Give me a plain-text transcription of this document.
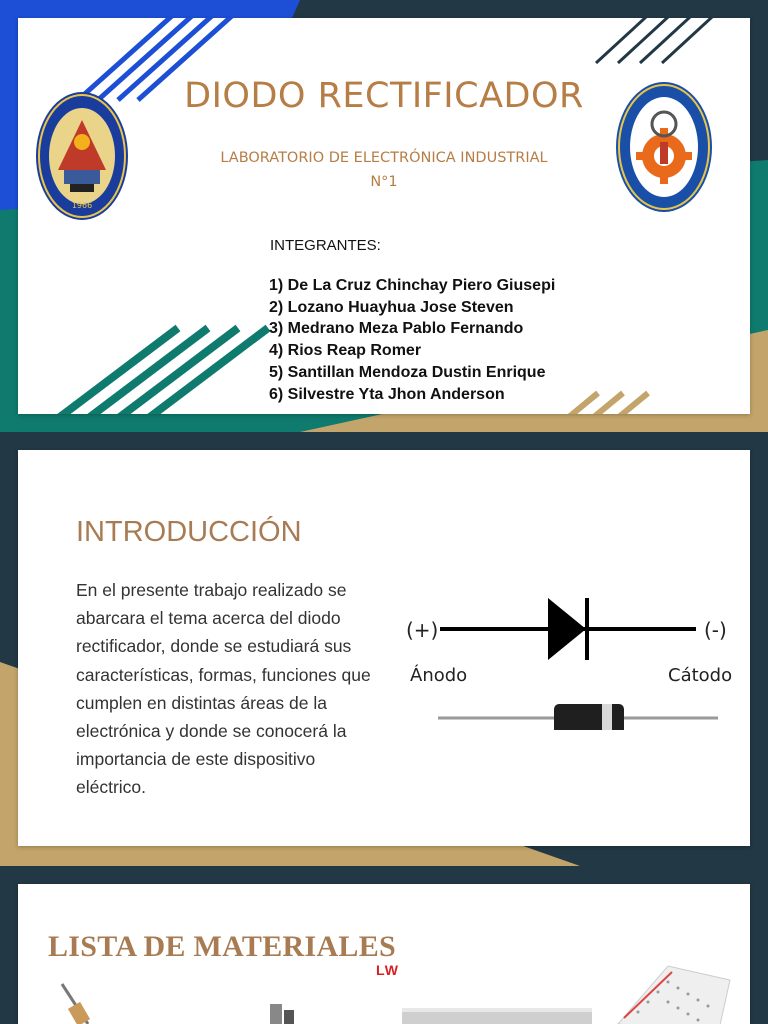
1966
DIODO RECTIFICADOR
LABORATORIO DE ELECTRÓNICA INDUSTRIAL
N°1
INTEGRANTES:
1) De La Cruz Chinchay Piero Giusepi
2) Lozano Huayhua Jose Steven
3) Medrano Meza Pablo Fernando
4) Rios Reap Romer
5) Santillan Mendoza Dustin Enrique
6) Silvestre Yta Jhon Anderson
INTRODUCCIÓN

En el presente trabajo realizado se abarcara el tema acerca del diodo rectificador, donde se estudiará sus características, formas, funciones que cumplen en distintas áreas de la electrónica y donde se conocerá la importancia de este dispositivo eléctrico.

(+)	(-)
Ánodo	Cátodo
LISTA DE MATERIALES
LW
